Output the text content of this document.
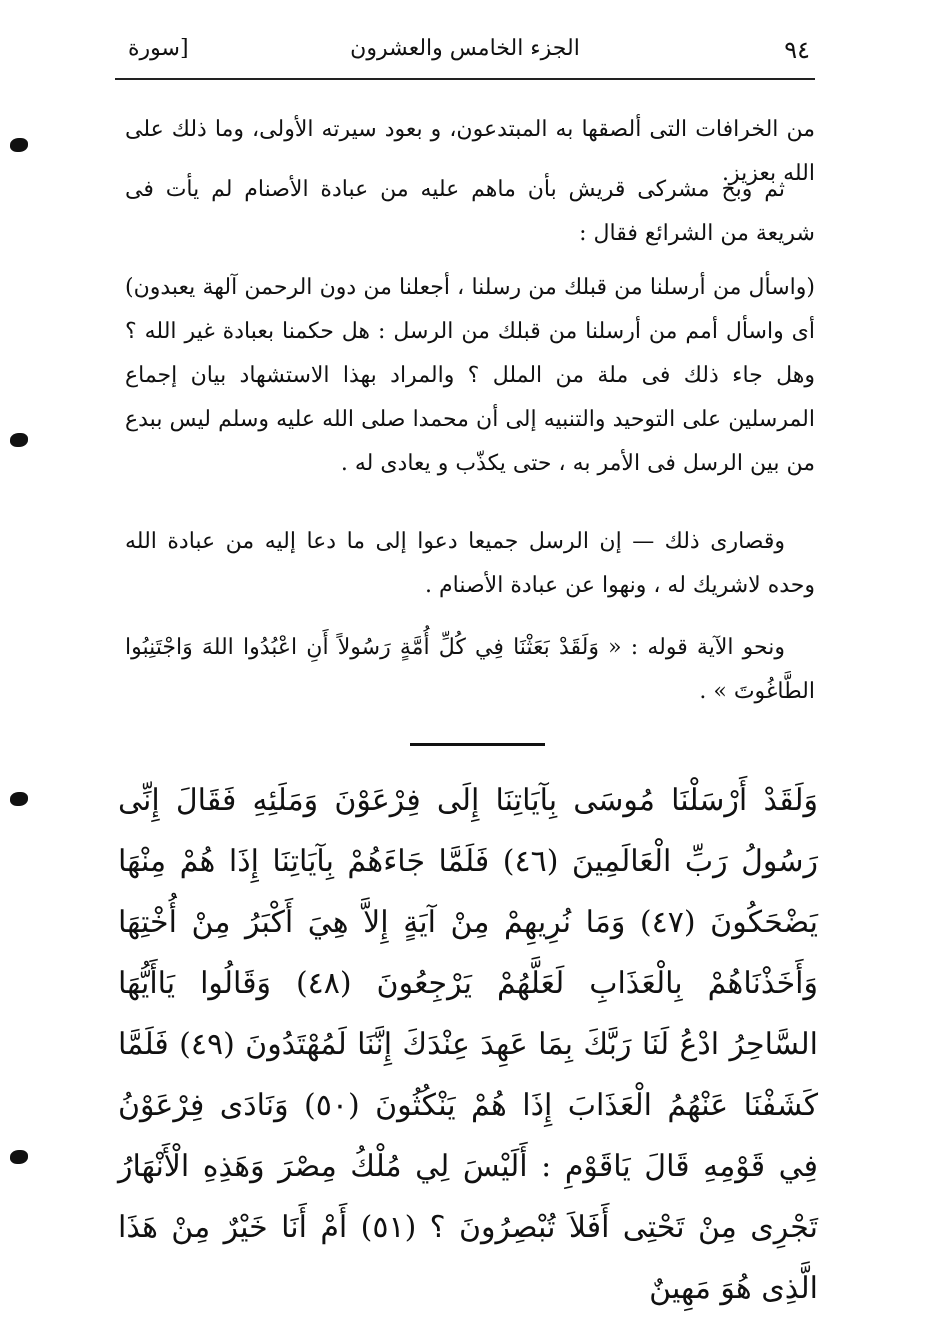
٩٤
الجزء الخامس والعشرون
[سورة

من الخرافات التى ألصقها به المبتدعون، و بعود سيرته الأولى، وما ذلك على الله بعزيز.

ثم وبخ مشركى قريش بأن ماهم عليه من عبادة الأصنام لم يأت فى شريعة من الشرائع فقال :

(واسأل من أرسلنا من قبلك من رسلنا ، أجعلنا من دون الرحمن آلهة يعبدون) أى واسأل أمم من أرسلنا من قبلك من الرسل : هل حكمنا بعبادة غير الله ؟ وهل جاء ذلك فى ملة من الملل ؟ والمراد بهذا الاستشهاد بيان إجماع المرسلين على التوحيد والتنبيه إلى أن محمدا صلى الله عليه وسلم ليس ببدع من بين الرسل فى الأمر به ، حتى يكذّب و يعادى له .

وقصارى ذلك — إن الرسل جميعا دعوا إلى ما دعا إليه من عبادة الله وحده لاشريك له ، ونهوا عن عبادة الأصنام .

ونحو الآية قوله : « وَلَقَدْ بَعَثْنَا فِي كُلِّ أُمَّةٍ رَسُولاً أَنِ اعْبُدُوا اللهَ وَاجْتَنِبُوا الطَّاغُوتَ » .

وَلَقَدْ أَرْسَلْنَا مُوسَى بِآيَاتِنَا إِلَى فِرْعَوْنَ وَمَلَئِهِ فَقَالَ إِنِّى رَسُولُ رَبِّ الْعَالَمِينَ (٤٦) فَلَمَّا جَاءَهُمْ بِآيَاتِنَا إِذَا هُمْ مِنْهَا يَضْحَكُونَ (٤٧) وَمَا نُرِيهِمْ مِنْ آيَةٍ إِلاَّ هِيَ أَكْبَرُ مِنْ أُخْتِهَا وَأَخَذْنَاهُمْ بِالْعَذَابِ لَعَلَّهُمْ يَرْجِعُونَ (٤٨) وَقَالُوا يَاأَيُّهَا السَّاحِرُ ادْعُ لَنَا رَبَّكَ بِمَا عَهِدَ عِنْدَكَ إِنَّنَا لَمُهْتَدُونَ (٤٩) فَلَمَّا كَشَفْنَا عَنْهُمُ الْعَذَابَ إِذَا هُمْ يَنْكُثُونَ (٥٠) وَنَادَى فِرْعَوْنُ فِي قَوْمِهِ قَالَ يَاقَوْمِ : أَلَيْسَ لِي مُلْكُ مِصْرَ وَهَذِهِ الْأَنْهَارُ تَجْرِى مِنْ تَحْتِى أَفَلاَ تُبْصِرُونَ ؟ (٥١) أَمْ أَنَا خَيْرٌ مِنْ هَذَا الَّذِى هُوَ مَهِينٌ
